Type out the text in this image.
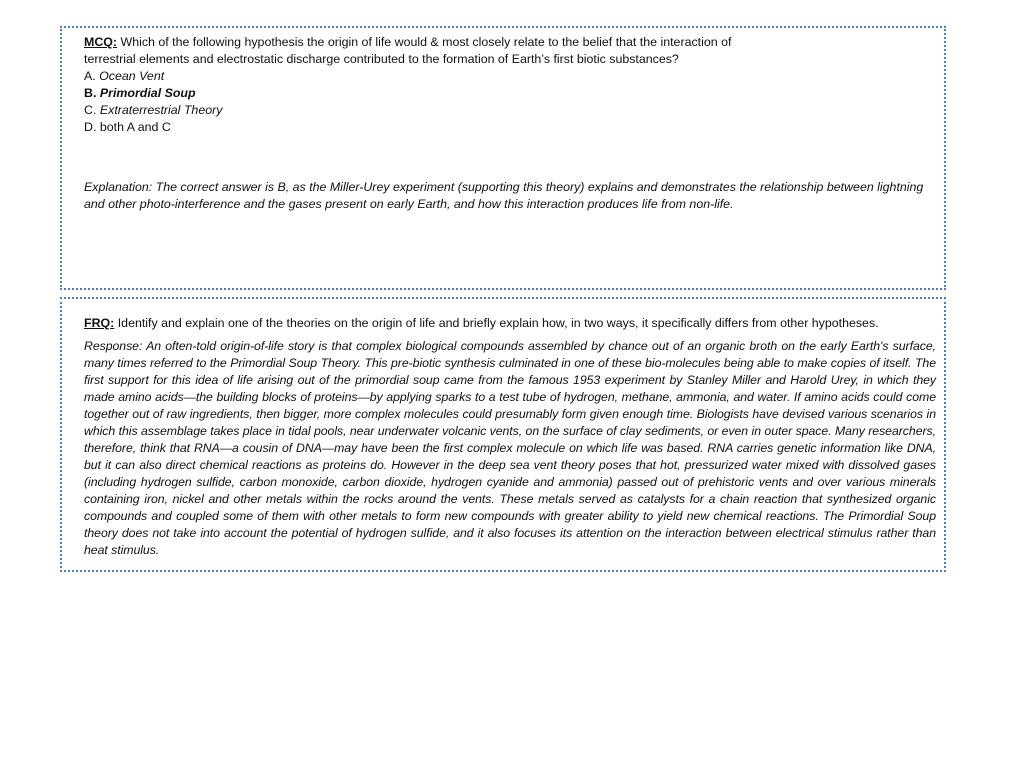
MCQ: Which of the following hypothesis the origin of life would & most closely relate to the belief that the interaction of
terrestrial elements and electrostatic discharge contributed to the formation of Earth’s first biotic substances?
A. Ocean Vent
B. Primordial Soup
C. Extraterrestrial Theory
D. both A and C
Explanation: The correct answer is B, as the Miller-Urey experiment (supporting this theory) explains and demonstrates the relationship between lightning and other photo-interference and the gases present on early Earth, and how this interaction produces life from non-life.
FRQ: Identify and explain one of the theories on the origin of life and briefly explain how, in two ways, it specifically differs from other hypotheses.
Response: An often-told origin-of-life story is that complex biological compounds assembled by chance out of an organic broth on the early Earth's surface, many times referred to the Primordial Soup Theory. This pre-biotic synthesis culminated in one of these bio-molecules being able to make copies of itself. The first support for this idea of life arising out of the primordial soup came from the famous 1953 experiment by Stanley Miller and Harold Urey, in which they made amino acids—the building blocks of proteins—by applying sparks to a test tube of hydrogen, methane, ammonia, and water. If amino acids could come together out of raw ingredients, then bigger, more complex molecules could presumably form given enough time. Biologists have devised various scenarios in which this assemblage takes place in tidal pools, near underwater volcanic vents, on the surface of clay sediments, or even in outer space. Many researchers, therefore, think that RNA—a cousin of DNA—may have been the first complex molecule on which life was based. RNA carries genetic information like DNA, but it can also direct chemical reactions as proteins do. However in the deep sea vent theory poses that hot, pressurized water mixed with dissolved gases (including hydrogen sulfide, carbon monoxide, carbon dioxide, hydrogen cyanide and ammonia) passed out of prehistoric vents and over various minerals containing iron, nickel and other metals within the rocks around the vents. These metals served as catalysts for a chain reaction that synthesized organic compounds and coupled some of them with other metals to form new compounds with greater ability to yield new chemical reactions. The Primordial Soup theory does not take into account the potential of hydrogen sulfide, and it also focuses its attention on the interaction between electrical stimulus rather than heat stimulus.
